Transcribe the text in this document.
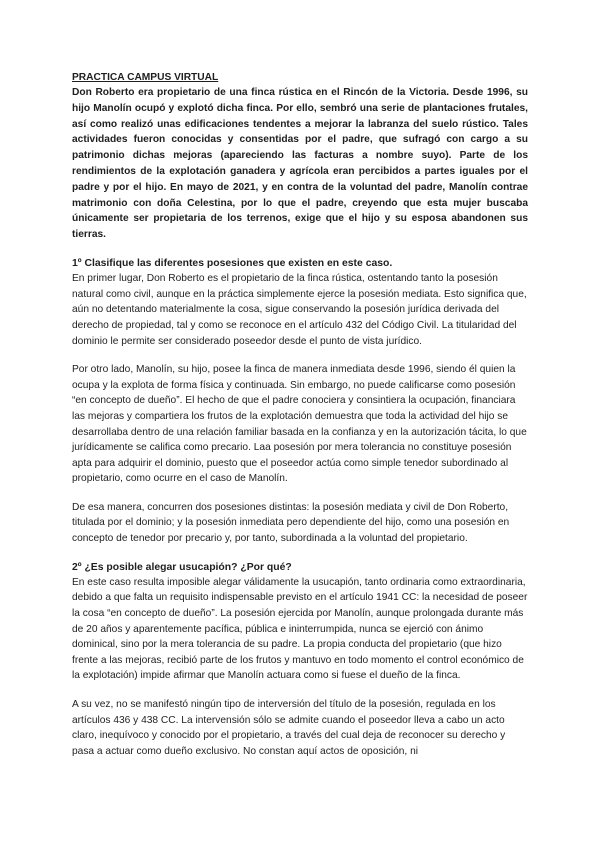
PRACTICA CAMPUS VIRTUAL

Don Roberto era propietario de una finca rústica en el Rincón de la Victoria. Desde 1996, su hijo Manolín ocupó y explotó dicha finca. Por ello, sembró una serie de plantaciones frutales, así como realizó unas edificaciones tendentes a mejorar la labranza del suelo rústico. Tales actividades fueron conocidas y consentidas por el padre, que sufragó con cargo a su patrimonio dichas mejoras (apareciendo las facturas a nombre suyo). Parte de los rendimientos de la explotación ganadera y agrícola eran percibidos a partes iguales por el padre y por el hijo. En mayo de 2021, y en contra de la voluntad del padre, Manolín contrae matrimonio con doña Celestina, por lo que el padre, creyendo que esta mujer buscaba únicamente ser propietaria de los terrenos, exige que el hijo y su esposa abandonen sus tierras.

1º Clasifique las diferentes posesiones que existen en este caso.

En primer lugar, Don Roberto es el propietario de la finca rústica, ostentando tanto la posesión natural como civil, aunque en la práctica simplemente ejerce la posesión mediata. Esto significa que, aún no detentando materialmente la cosa, sigue conservando la posesión jurídica derivada del derecho de propiedad, tal y como se reconoce en el artículo 432 del Código Civil. La titularidad del dominio le permite ser considerado poseedor desde el punto de vista jurídico.

Por otro lado, Manolín, su hijo, posee la finca de manera inmediata desde 1996, siendo él quien la ocupa y la explota de forma física y continuada. Sin embargo, no puede calificarse como posesión “en concepto de dueño”. El hecho de que el padre conociera y consintiera la ocupación, financiara las mejoras y compartiera los frutos de la explotación demuestra que toda la actividad del hijo se desarrollaba dentro de una relación familiar basada en la confianza y en la autorización tácita, lo que jurídicamente se califica como precario. Laa posesión por mera tolerancia no constituye posesión apta para adquirir el dominio, puesto que el poseedor actúa como simple tenedor subordinado al propietario, como ocurre en el caso de Manolín.

De esa manera, concurren dos posesiones distintas: la posesión mediata y civil de Don Roberto, titulada por el dominio; y la posesión inmediata pero dependiente del hijo, como una posesión en concepto de tenedor por precario y, por tanto, subordinada a la voluntad del propietario.

2º ¿Es posible alegar usucapión? ¿Por qué?

En este caso resulta imposible alegar válidamente la usucapión, tanto ordinaria como extraordinaria, debido a que falta un requisito indispensable previsto en el artículo 1941 CC: la necesidad de poseer la cosa “en concepto de dueño”. La posesión ejercida por Manolín, aunque prolongada durante más de 20 años y aparentemente pacífica, pública e ininterrumpida, nunca se ejerció con ánimo dominical, sino por la mera tolerancia de su padre. La propia conducta del propietario (que hizo frente a las mejoras, recibió parte de los frutos y mantuvo en todo momento el control económico de la explotación) impide afirmar que Manolín actuara como si fuese el dueño de la finca.

A su vez, no se manifestó ningún tipo de interversión del título de la posesión, regulada en los artículos 436 y 438 CC. La intervensión sólo se admite cuando el poseedor lleva a cabo un acto claro, inequívoco y conocido por el propietario, a través del cual deja de reconocer su derecho y pasa a actuar como dueño exclusivo. No constan aquí actos de oposición, ni
